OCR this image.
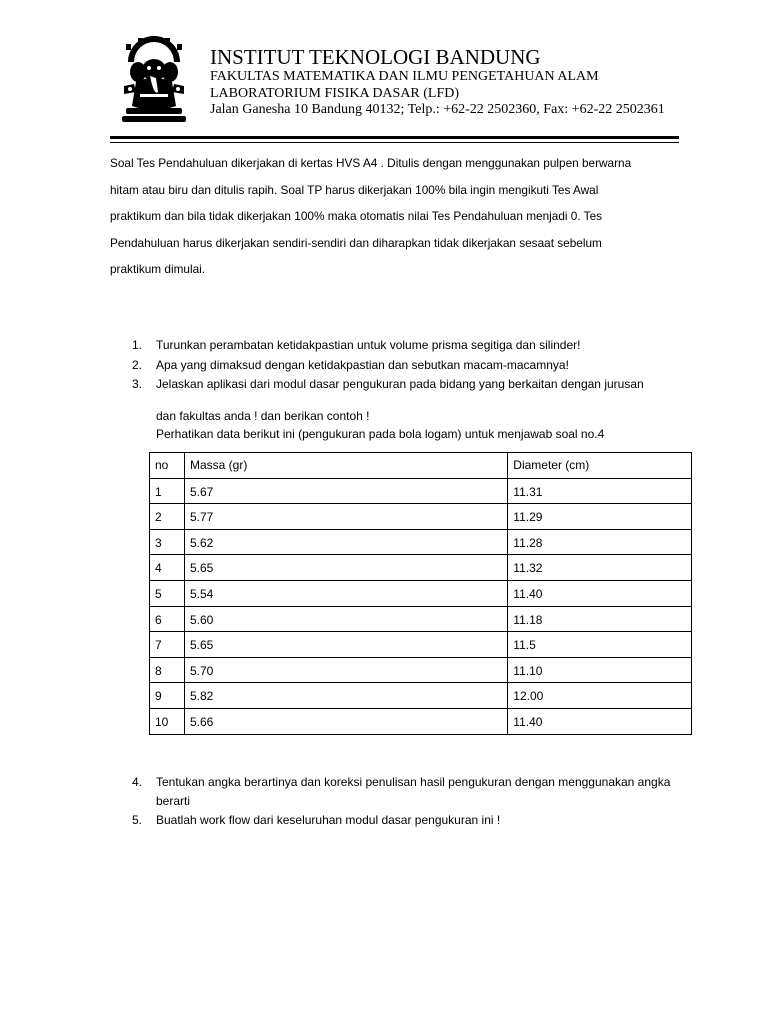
INSTITUT TEKNOLOGI BANDUNG

FAKULTAS MATEMATIKA DAN ILMU PENGETAHUAN ALAM

LABORATORIUM FISIKA DASAR (LFD)

Jalan Ganesha 10 Bandung 40132; Telp.: +62-22 2502360, Fax: +62-22 2502361

Soal Tes Pendahuluan dikerjakan di kertas HVS A4 . Ditulis dengan menggunakan pulpen berwarna
hitam atau biru dan ditulis rapih. Soal TP harus dikerjakan 100% bila ingin mengikuti Tes Awal
praktikum dan bila tidak dikerjakan 100% maka otomatis nilai Tes Pendahuluan menjadi 0. Tes
Pendahuluan harus dikerjakan sendiri-sendiri dan diharapkan tidak dikerjakan sesaat sebelum
praktikum dimulai.

1. Turunkan perambatan ketidakpastian untuk volume prisma segitiga dan silinder!
2. Apa yang dimaksud dengan ketidakpastian dan sebutkan macam-macamnya!
3. Jelaskan aplikasi dari modul dasar pengukuran pada bidang yang berkaitan dengan jurusan
dan fakultas anda ! dan berikan contoh !
Perhatikan data berikut ini (pengukuran pada bola logam) untuk menjawab soal no.4
no	Massa (gr)	Diameter (cm)
1	5.67	11.31
2	5.77	11.29
3	5.62	11.28
4	5.65	11.32
5	5.54	11.40
6	5.60	11.18
7	5.65	11.5
8	5.70	11.10
9	5.82	12.00
10	5.66	11.40
4. Tentukan angka berartinya dan koreksi penulisan hasil pengukuran dengan menggunakan angka berarti
5. Buatlah work flow dari keseluruhan modul dasar pengukuran ini !
